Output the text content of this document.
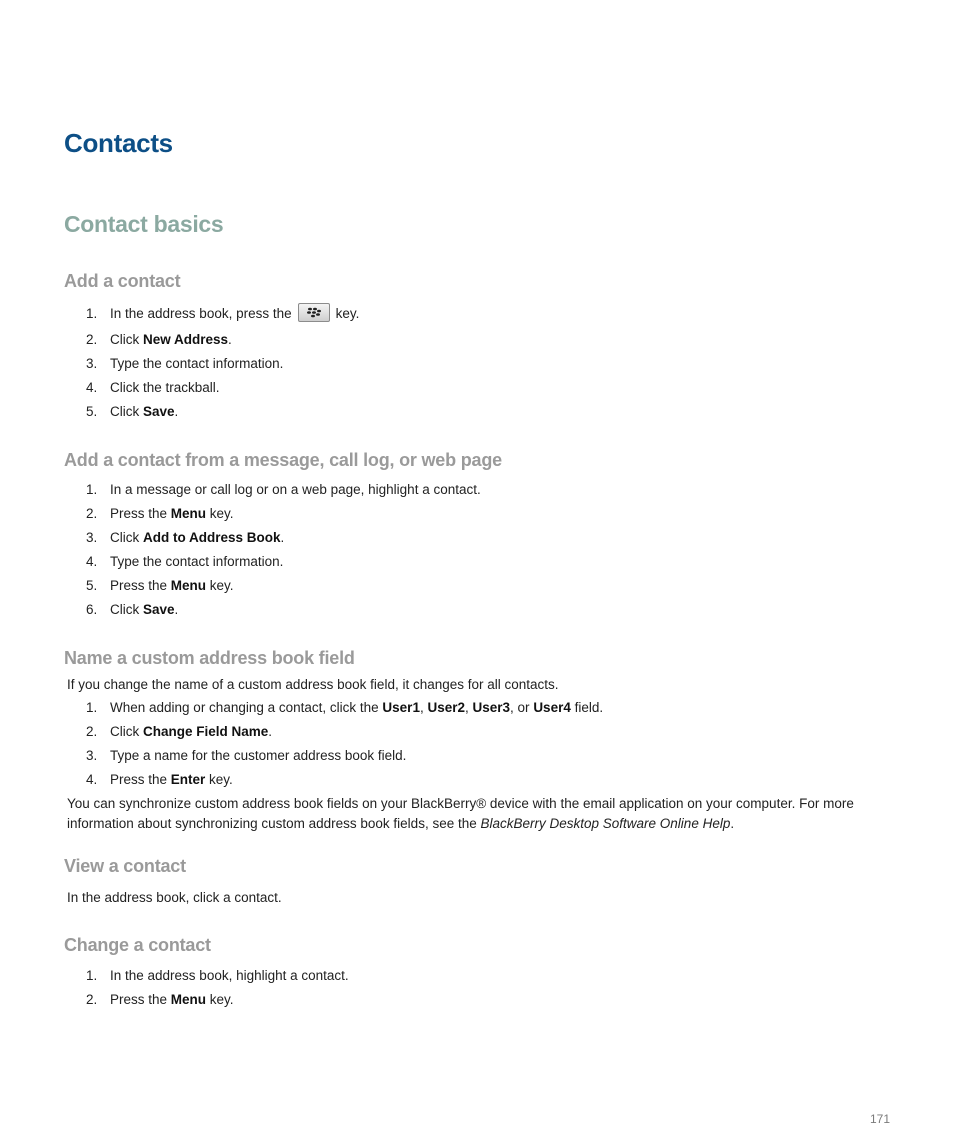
Contacts
Contact basics
Add a contact
1. In the address book, press the	key.
2. Click New Address.
3. Type the contact information.
4. Click the trackball.
5. Click Save.
Add a contact from a message, call log, or web page
1. In a message or call log or on a web page, highlight a contact.
2. Press the Menu key.
3. Click Add to Address Book.
4. Type the contact information.
5. Press the Menu key.
6. Click Save.
Name a custom address book field

If you change the name of a custom address book field, it changes for all contacts.

1. When adding or changing a contact, click the User1, User2, User3, or User4 field.
2. Click Change Field Name.
3. Type a name for the customer address book field.
4. Press the Enter key.

You can synchronize custom address book fields on your BlackBerry® device with the email application on your computer. For more
information about synchronizing custom address book fields, see the BlackBerry Desktop Software Online Help.

View a contact

In the address book, click a contact.

Change a contact
1. In the address book, highlight a contact.
2. Press the Menu key.
171
